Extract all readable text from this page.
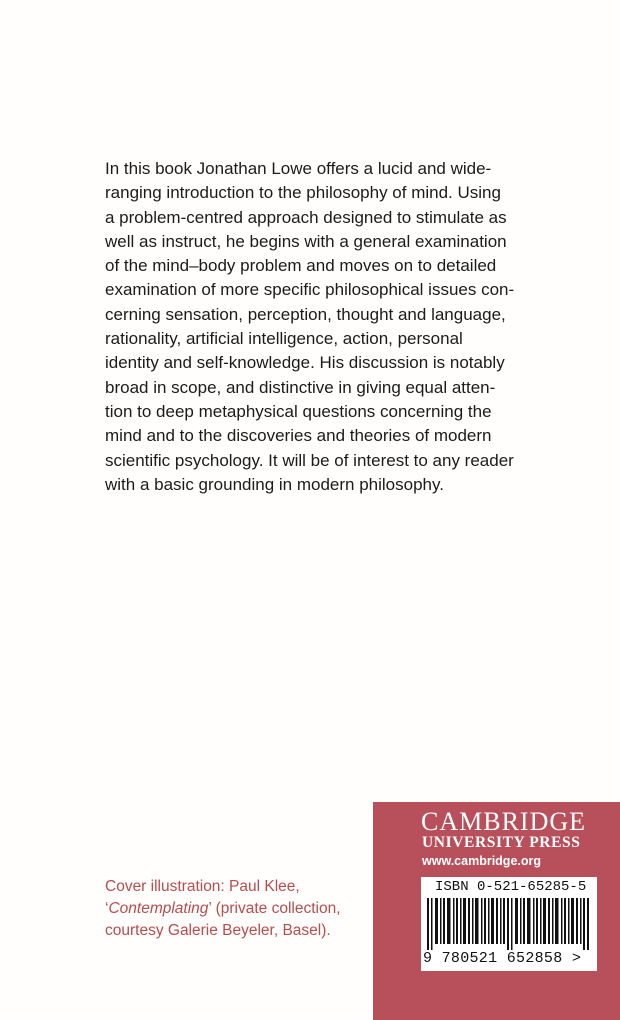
In this book Jonathan Lowe offers a lucid and wide-
ranging introduction to the philosophy of mind. Using
a problem-centred approach designed to stimulate as
well as instruct, he begins with a general examination
of the mind–body problem and moves on to detailed
examination of more specific philosophical issues con-
cerning sensation, perception, thought and language,
rationality, artificial intelligence, action, personal
identity and self-knowledge. His discussion is notably
broad in scope, and distinctive in giving equal atten-
tion to deep metaphysical questions concerning the
mind and to the discoveries and theories of modern
scientific psychology. It will be of interest to any reader
with a basic grounding in modern philosophy.

Cover illustration: Paul Klee,
‘Contemplating’ (private collection,
courtesy Galerie Beyeler, Basel).
CAMBRIDGE
UNIVERSITY PRESS
www.cambridge.org
ISBN 0-521-65285-5
9 780521 652858 >
